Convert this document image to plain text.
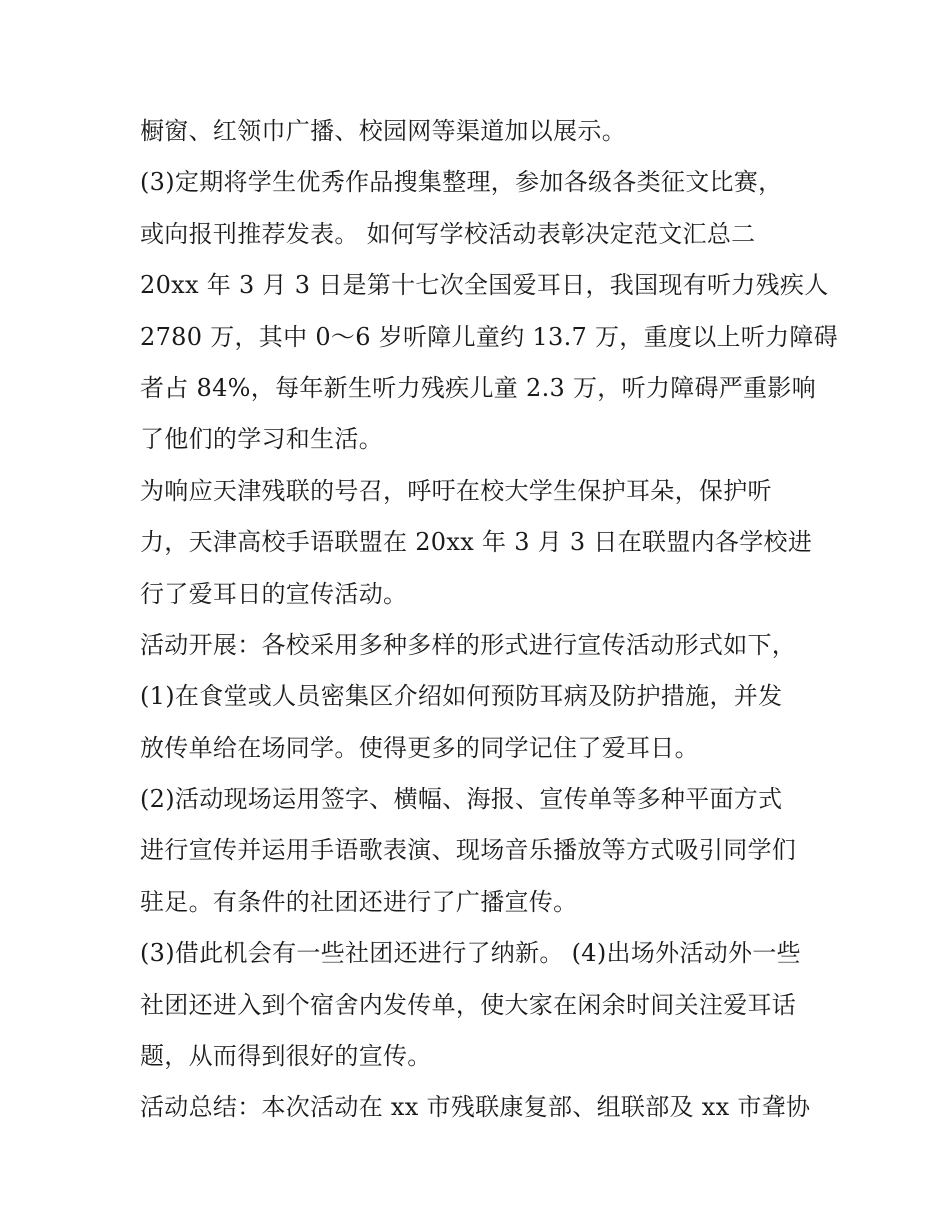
橱窗、红领巾广播、校园网等渠道加以展示。
(3)定期将学生优秀作品搜集整理，参加各级各类征文比赛，
或向报刊推荐发表。 如何写学校活动表彰决定范文汇总二
20xx 年 3 月 3 日是第十七次全国爱耳日，我国现有听力残疾人
2780 万，其中 0～6 岁听障儿童约 13.7 万，重度以上听力障碍
者占 84%，每年新生听力残疾儿童 2.3 万，听力障碍严重影响
了他们的学习和生活。
为响应天津残联的号召，呼吁在校大学生保护耳朵，保护听
力，天津高校手语联盟在 20xx 年 3 月 3 日在联盟内各学校进
行了爱耳日的宣传活动。
活动开展：各校采用多种多样的形式进行宣传活动形式如下，
(1)在食堂或人员密集区介绍如何预防耳病及防护措施，并发
放传单给在场同学。使得更多的同学记住了爱耳日。
(2)活动现场运用签字、横幅、海报、宣传单等多种平面方式
进行宣传并运用手语歌表演、现场音乐播放等方式吸引同学们
驻足。有条件的社团还进行了广播宣传。
(3)借此机会有一些社团还进行了纳新。 (4)出场外活动外一些
社团还进入到个宿舍内发传单，使大家在闲余时间关注爱耳话
题，从而得到很好的宣传。
活动总结：本次活动在 xx 市残联康复部、组联部及 xx 市聋协
